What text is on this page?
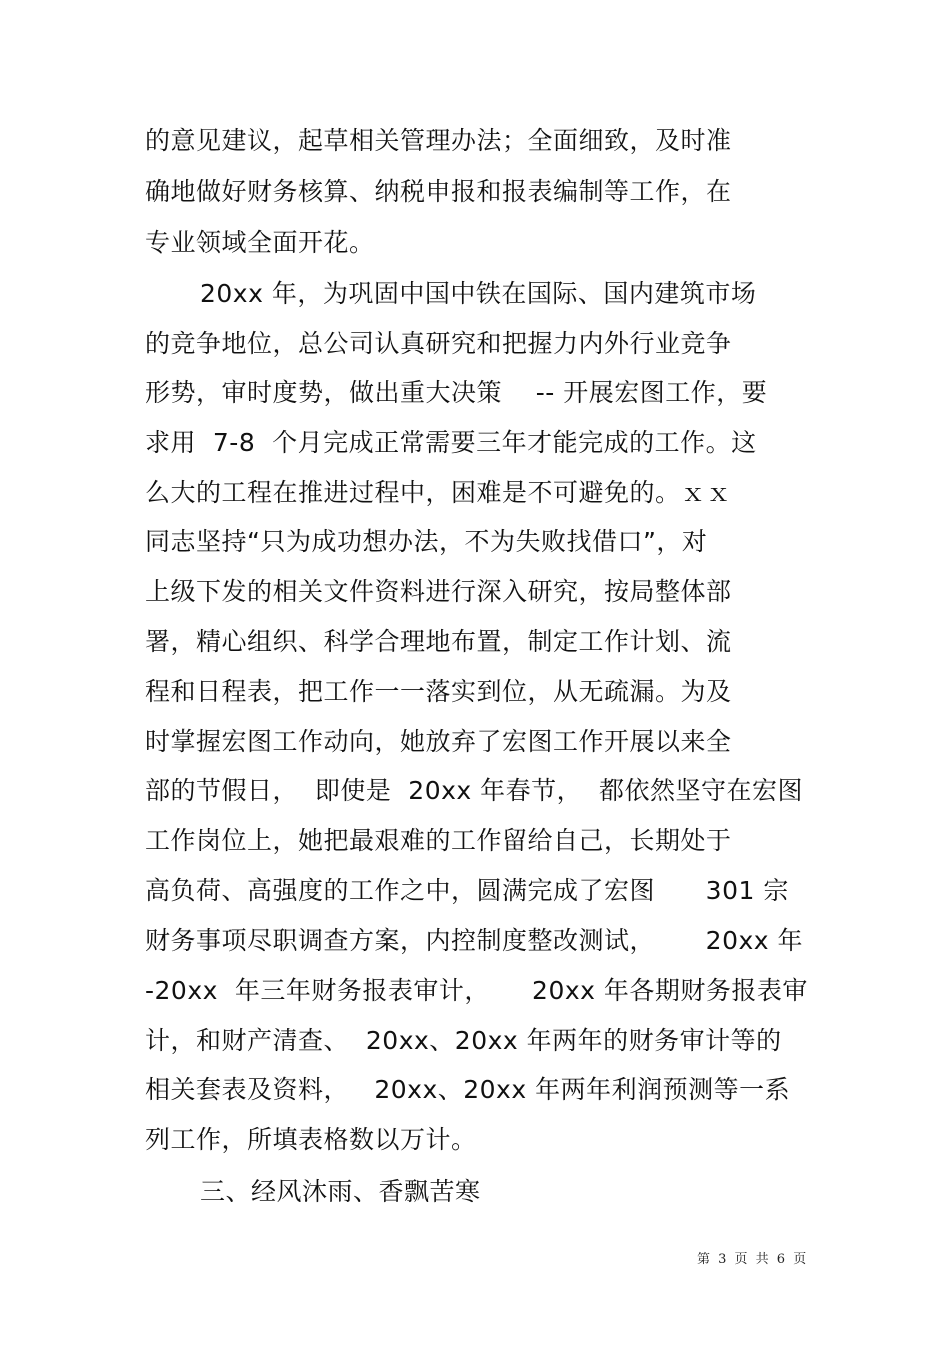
的意见建议，起草相关管理办法；全面细致，及时准
确地做好财务核算、纳税申报和报表编制等工作，在
专业领域全面开花。
20xx 年，为巩固中国中铁在国际、国内建筑市场
的竞争地位，总公司认真研究和把握力内外行业竞争
形势，审时度势，做出重大决策    -- 开展宏图工作，要
求用  7-8  个月完成正常需要三年才能完成的工作。这
么大的工程在推进过程中，困难是不可避免的。ｘｘ
同志坚持“只为成功想办法，不为失败找借口”，对
上级下发的相关文件资料进行深入研究，按局整体部
署，精心组织、科学合理地布置，制定工作计划、流
程和日程表，把工作一一落实到位，从无疏漏。为及
时掌握宏图工作动向，她放弃了宏图工作开展以来全
部的节假日，  即使是  20xx 年春节，  都依然坚守在宏图
工作岗位上，她把最艰难的工作留给自己，长期处于
高负荷、高强度的工作之中，圆满完成了宏图      301 宗
财务事项尽职调查方案，内控制度整改测试，      20xx 年
-20xx  年三年财务报表审计，     20xx 年各期财务报表审
计，和财产清查、  20xx、20xx 年两年的财务审计等的
相关套表及资料，   20xx、20xx 年两年利润预测等一系
列工作，所填表格数以万计。
三、经风沐雨、香飘苦寒
第 3 页 共 6 页
